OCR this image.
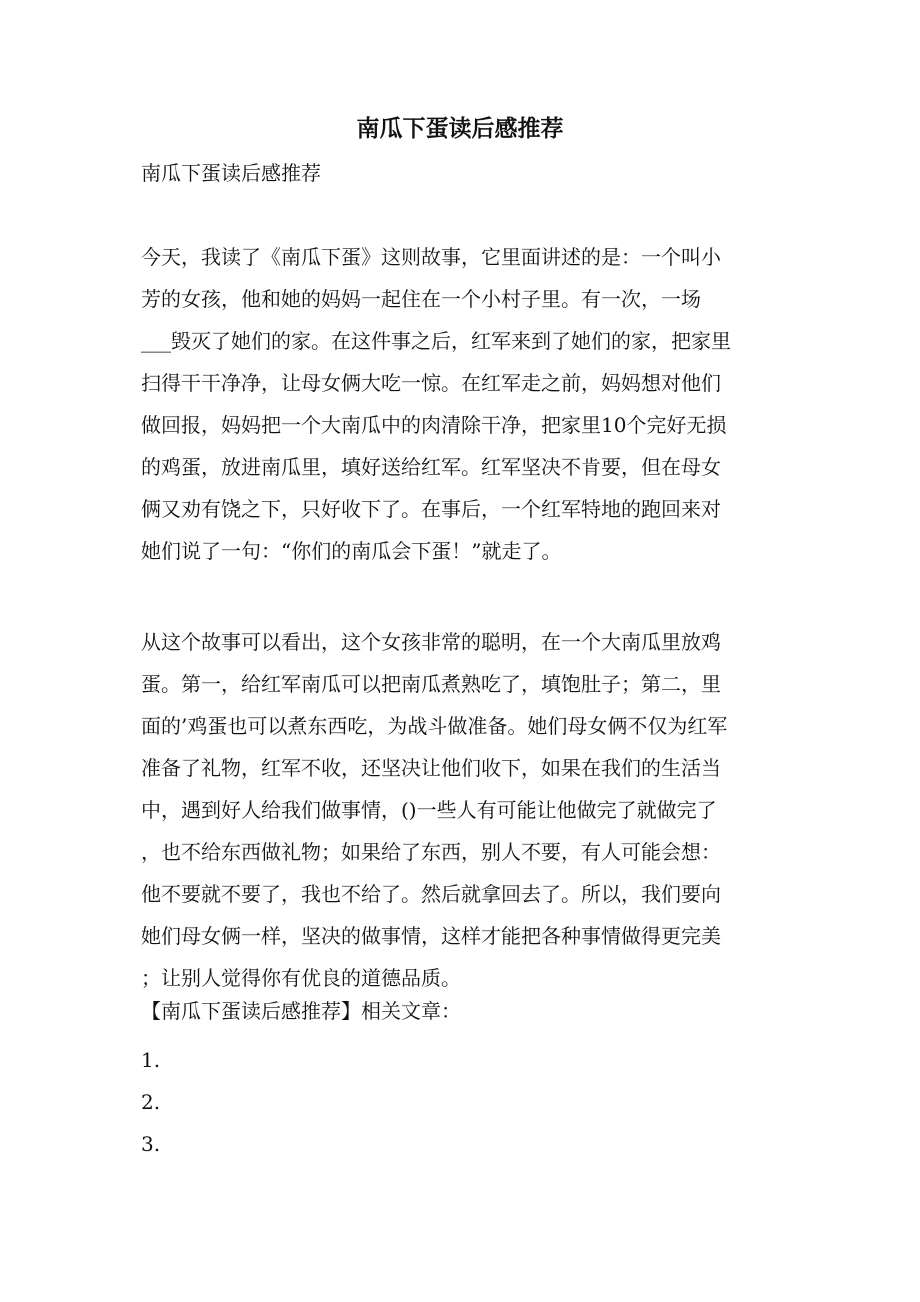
南瓜下蛋读后感推荐

南瓜下蛋读后感推荐

今天，我读了《南瓜下蛋》这则故事，它里面讲述的是：一个叫小
芳的女孩，他和她的妈妈一起住在一个小村子里。有一次，一场
___毁灭了她们的家。在这件事之后，红军来到了她们的家，把家里
扫得干干净净，让母女俩大吃一惊。在红军走之前，妈妈想对他们
做回报，妈妈把一个大南瓜中的肉清除干净，把家里10个完好无损
的鸡蛋，放进南瓜里，填好送给红军。红军坚决不肯要，但在母女
俩又劝有饶之下，只好收下了。在事后，一个红军特地的跑回来对
她们说了一句：“你们的南瓜会下蛋！”就走了。
从这个故事可以看出，这个女孩非常的聪明，在一个大南瓜里放鸡
蛋。第一，给红军南瓜可以把南瓜煮熟吃了，填饱肚子；第二，里
面的’鸡蛋也可以煮东西吃，为战斗做准备。她们母女俩不仅为红军
准备了礼物，红军不收，还坚决让他们收下，如果在我们的生活当
中，遇到好人给我们做事情，()一些人有可能让他做完了就做完了
，也不给东西做礼物；如果给了东西，别人不要，有人可能会想：
他不要就不要了，我也不给了。然后就拿回去了。所以，我们要向
她们母女俩一样，坚决的做事情，这样才能把各种事情做得更完美
；让别人觉得你有优良的道德品质。

【南瓜下蛋读后感推荐】相关文章：

1.
2.
3.
